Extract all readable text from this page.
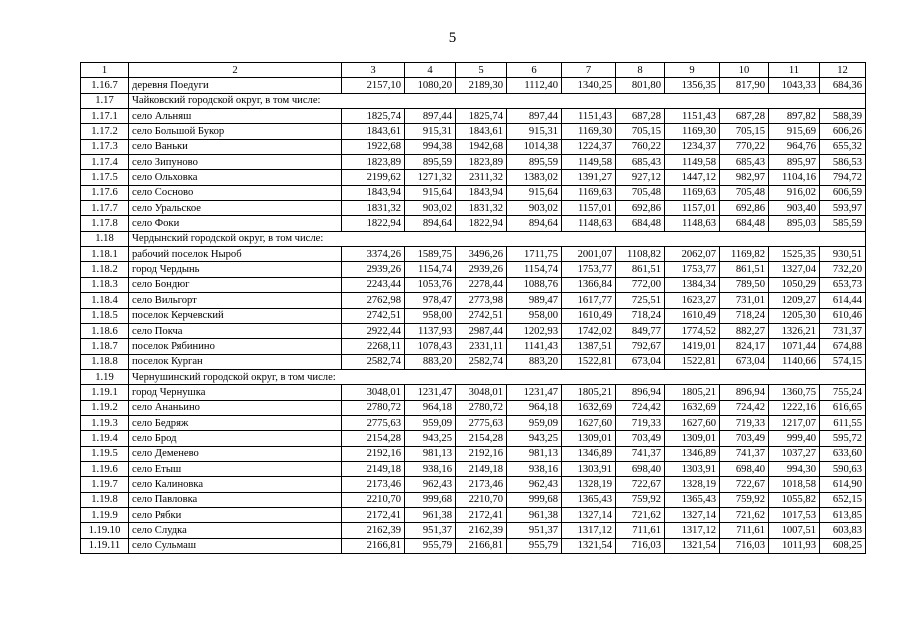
5
1	2	3	4	5	6	7	8	9	10	11	12
1.16.7	деревня Поедуги	2157,10	1080,20	2189,30	1112,40	1340,25	801,80	1356,35	817,90	1043,33	684,36
1.17	Чайковский городской округ, в том числе:										
1.17.1	село Альняш	1825,74	897,44	1825,74	897,44	1151,43	687,28	1151,43	687,28	897,82	588,39
1.17.2	село Большой Букор	1843,61	915,31	1843,61	915,31	1169,30	705,15	1169,30	705,15	915,69	606,26
1.17.3	село Ваньки	1922,68	994,38	1942,68	1014,38	1224,37	760,22	1234,37	770,22	964,76	655,32
1.17.4	село Зипуново	1823,89	895,59	1823,89	895,59	1149,58	685,43	1149,58	685,43	895,97	586,53
1.17.5	село Ольховка	2199,62	1271,32	2311,32	1383,02	1391,27	927,12	1447,12	982,97	1104,16	794,72
1.17.6	село Сосново	1843,94	915,64	1843,94	915,64	1169,63	705,48	1169,63	705,48	916,02	606,59
1.17.7	село Уральское	1831,32	903,02	1831,32	903,02	1157,01	692,86	1157,01	692,86	903,40	593,97
1.17.8	село Фоки	1822,94	894,64	1822,94	894,64	1148,63	684,48	1148,63	684,48	895,03	585,59
1.18	Чердынский городской округ, в том числе:										
1.18.1	рабочий поселок Ныроб	3374,26	1589,75	3496,26	1711,75	2001,07	1108,82	2062,07	1169,82	1525,35	930,51
1.18.2	город Чердынь	2939,26	1154,74	2939,26	1154,74	1753,77	861,51	1753,77	861,51	1327,04	732,20
1.18.3	село Бондюг	2243,44	1053,76	2278,44	1088,76	1366,84	772,00	1384,34	789,50	1050,29	653,73
1.18.4	село Вильгорт	2762,98	978,47	2773,98	989,47	1617,77	725,51	1623,27	731,01	1209,27	614,44
1.18.5	поселок Керчевский	2742,51	958,00	2742,51	958,00	1610,49	718,24	1610,49	718,24	1205,30	610,46
1.18.6	село Покча	2922,44	1137,93	2987,44	1202,93	1742,02	849,77	1774,52	882,27	1326,21	731,37
1.18.7	поселок Рябинино	2268,11	1078,43	2331,11	1141,43	1387,51	792,67	1419,01	824,17	1071,44	674,88
1.18.8	поселок Курган	2582,74	883,20	2582,74	883,20	1522,81	673,04	1522,81	673,04	1140,66	574,15
1.19	Чернушинский городской округ, в том числе:										
1.19.1	город Чернушка	3048,01	1231,47	3048,01	1231,47	1805,21	896,94	1805,21	896,94	1360,75	755,24
1.19.2	село Ананьино	2780,72	964,18	2780,72	964,18	1632,69	724,42	1632,69	724,42	1222,16	616,65
1.19.3	село Бедряж	2775,63	959,09	2775,63	959,09	1627,60	719,33	1627,60	719,33	1217,07	611,55
1.19.4	село Брод	2154,28	943,25	2154,28	943,25	1309,01	703,49	1309,01	703,49	999,40	595,72
1.19.5	село Деменево	2192,16	981,13	2192,16	981,13	1346,89	741,37	1346,89	741,37	1037,27	633,60
1.19.6	село Етыш	2149,18	938,16	2149,18	938,16	1303,91	698,40	1303,91	698,40	994,30	590,63
1.19.7	село Калиновка	2173,46	962,43	2173,46	962,43	1328,19	722,67	1328,19	722,67	1018,58	614,90
1.19.8	село Павловка	2210,70	999,68	2210,70	999,68	1365,43	759,92	1365,43	759,92	1055,82	652,15
1.19.9	село Рябки	2172,41	961,38	2172,41	961,38	1327,14	721,62	1327,14	721,62	1017,53	613,85
1.19.10	село Слудка	2162,39	951,37	2162,39	951,37	1317,12	711,61	1317,12	711,61	1007,51	603,83
1.19.11	село Сульмаш	2166,81	955,79	2166,81	955,79	1321,54	716,03	1321,54	716,03	1011,93	608,25
